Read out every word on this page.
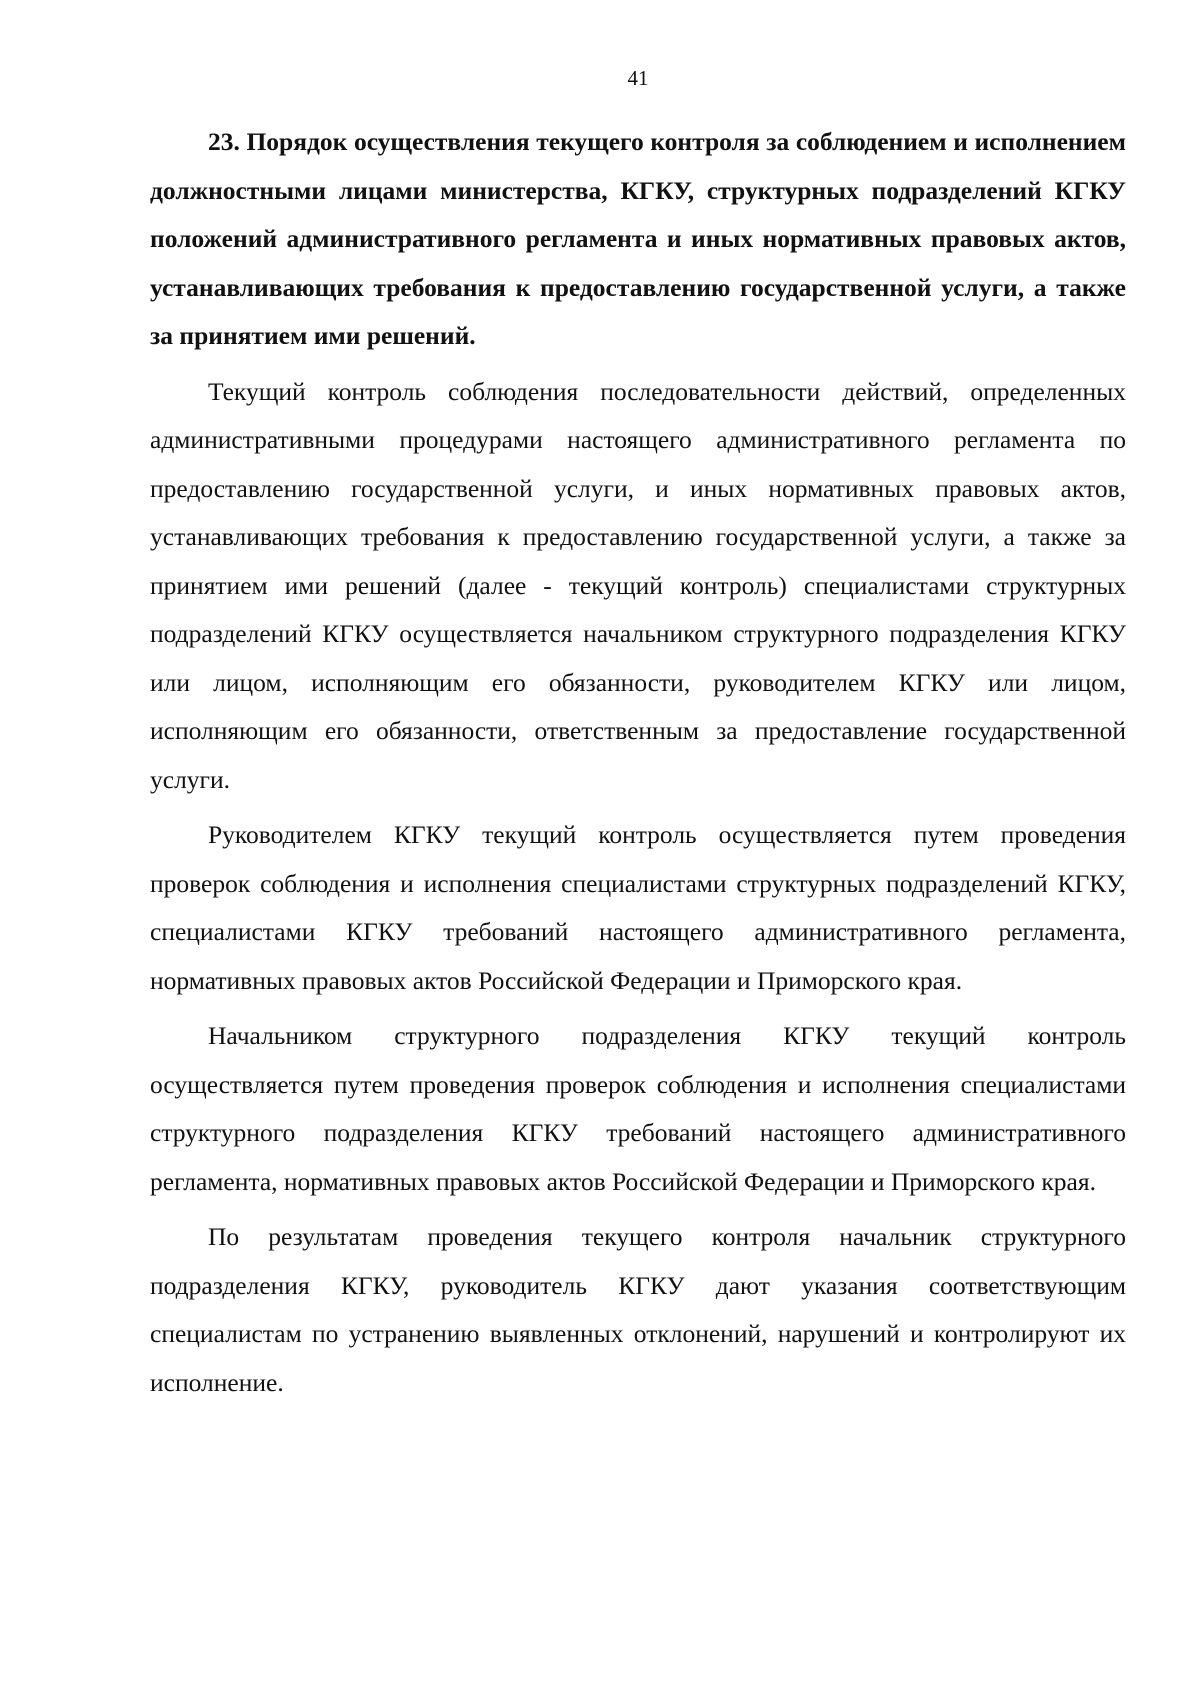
41

23. Порядок осуществления текущего контроля за соблюдением и исполнением должностными лицами министерства, КГКУ, структурных подразделений КГКУ положений административного регламента и иных нормативных правовых актов, устанавливающих требования к предоставлению государственной услуги, а также за принятием ими решений.

Текущий контроль соблюдения последовательности действий, определенных административными процедурами настоящего административного регламента по предоставлению государственной услуги, и иных нормативных правовых актов, устанавливающих требования к предоставлению государственной услуги, а также за принятием ими решений (далее - текущий контроль) специалистами структурных подразделений КГКУ осуществляется начальником структурного подразделения КГКУ или лицом, исполняющим его обязанности, руководителем КГКУ или лицом, исполняющим его обязанности, ответственным за предоставление государственной услуги.

Руководителем КГКУ текущий контроль осуществляется путем проведения проверок соблюдения и исполнения специалистами структурных подразделений КГКУ, специалистами КГКУ требований настоящего административного регламента, нормативных правовых актов Российской Федерации и Приморского края.

Начальником структурного подразделения КГКУ текущий контроль осуществляется путем проведения проверок соблюдения и исполнения специалистами структурного подразделения КГКУ требований настоящего административного регламента, нормативных правовых актов Российской Федерации и Приморского края.

По результатам проведения текущего контроля начальник структурного подразделения КГКУ, руководитель КГКУ дают указания соответствующим специалистам по устранению выявленных отклонений, нарушений и контролируют их исполнение.
